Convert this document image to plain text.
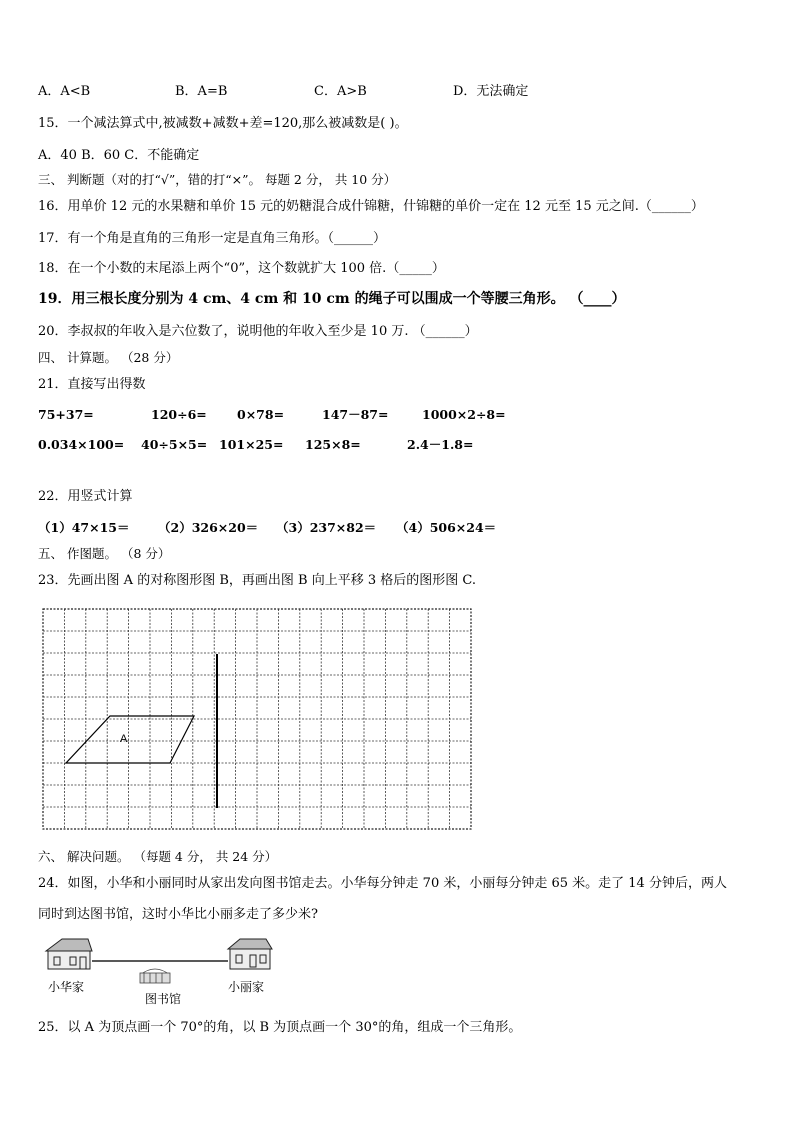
A．A<B	B．A=B	C．A>B	D．无法确定
15．一个减法算式中,被减数+减数+差=120,那么被减数是( )。
A．40 B．60 C．不能确定
三、 判断题（对的打“√”，错的打“×”。 每题 2 分， 共 10 分）
16．用单价 12 元的水果糖和单价 15 元的奶糖混合成什锦糖，什锦糖的单价一定在 12 元至 15 元之间.（______）
17．有一个角是直角的三角形一定是直角三角形。（______）
18．在一个小数的末尾添上两个“0”，这个数就扩大 100 倍.（_____）
19．用三根长度分别为 4 cm、4 cm 和 10 cm 的绳子可以围成一个等腰三角形。 （____）
20．李叔叔的年收入是六位数了，说明他的年收入至少是 10 万. （______）
四、 计算题。 （28 分）
21．直接写出得数
75+37=	120÷6= 0×78=	147－87=	1000×2÷8=
0.034×100= 40÷5×5= 101×25= 125×8=	2.4－1.8=
22．用竖式计算
（1）47×15＝ （2）326×20＝ （3）237×82＝ （4）506×24＝
五、 作图题。 （8 分）
23．先画出图 A 的对称图形图 B，再画出图 B 向上平移 3 格后的图形图 C.
A
六、 解决问题。 （每题 4 分， 共 24 分）
24．如图，小华和小丽同时从家出发向图书馆走去。小华每分钟走 70 米，小丽每分钟走 65 米。走了 14 分钟后，两人
同时到达图书馆，这时小华比小丽多走了多少米?
小华家
图书馆
小丽家
25．以 A 为顶点画一个 70°的角，以 B 为顶点画一个 30°的角，组成一个三角形。
